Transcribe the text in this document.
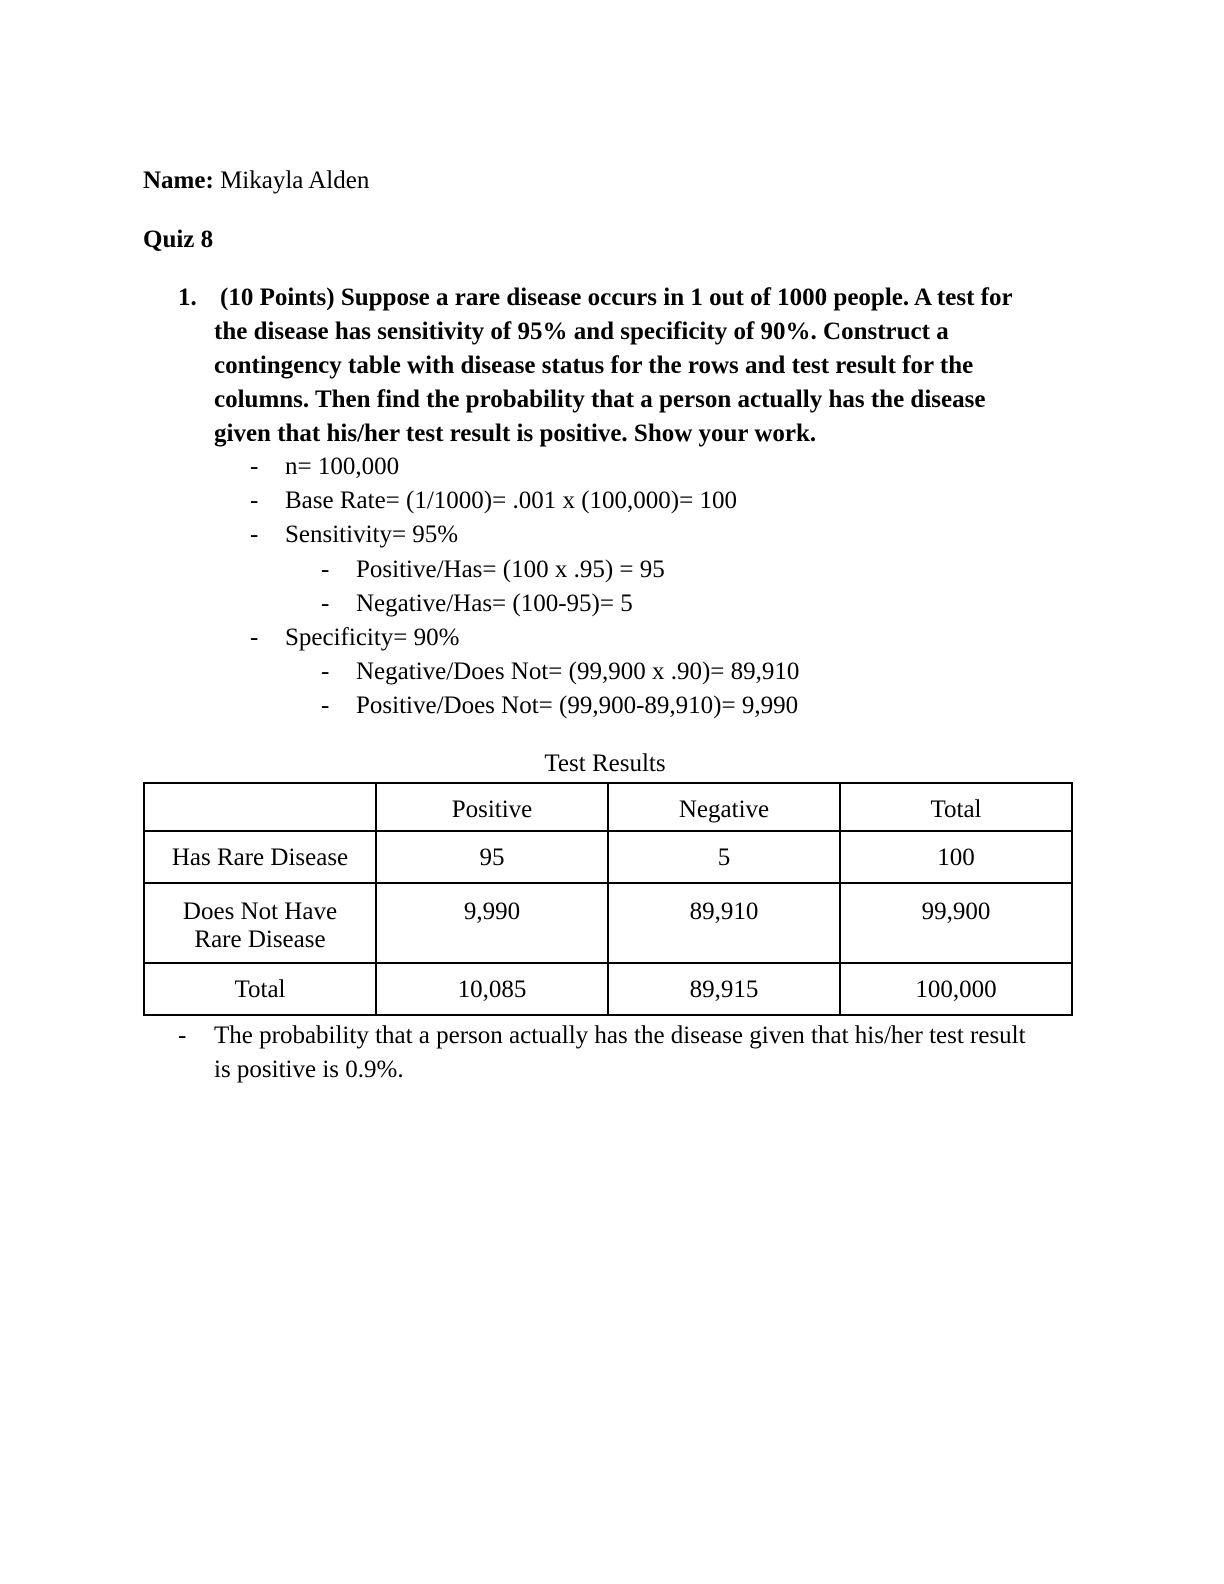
Name: Mikayla Alden
Quiz 8
1. (10 Points) Suppose a rare disease occurs in 1 out of 1000 people. A test for
the disease has sensitivity of 95% and specificity of 90%. Construct a
contingency table with disease status for the rows and test result for the
columns. Then find the probability that a person actually has the disease
given that his/her test result is positive. Show your work.
- n= 100,000
- Base Rate= (1/1000)= .001 x (100,000)= 100
- Sensitivity= 95%
- Positive/Has= (100 x .95) = 95
- Negative/Has= (100-95)= 5
- Specificity= 90%
- Negative/Does Not= (99,900 x .90)= 89,910
- Positive/Does Not= (99,900-89,910)= 9,990
Test Results
	Positive	Negative	Total
Has Rare Disease	95	5	100

Does Not Have
Rare Disease	9,990	89,910	99,900
Total	10,085	89,915	100,000
- The probability that a person actually has the disease given that his/her test result
is positive is 0.9%.
